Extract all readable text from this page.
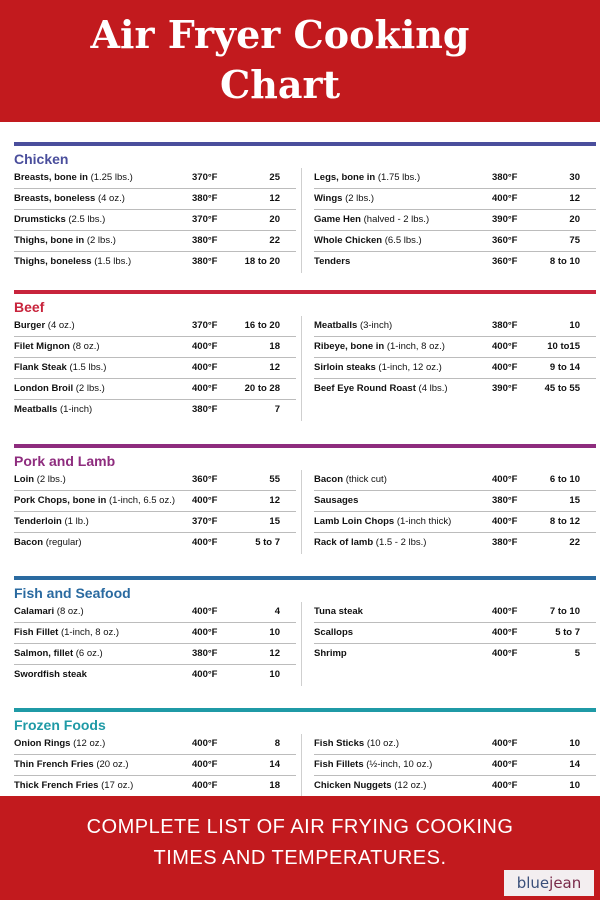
Air Fryer Cooking
Chart
Chicken
Breasts, bone in (1.25 lbs.)	370°F	25
Breasts, boneless (4 oz.)	380°F	12
Drumsticks (2.5 lbs.)	370°F	20
Thighs, bone in (2 lbs.)	380°F	22
Thighs, boneless (1.5 lbs.)	380°F	18 to 20
Legs, bone in (1.75 lbs.)	380°F	30
Wings (2 lbs.)	400°F	12
Game Hen (halved - 2 lbs.)	390°F	20
Whole Chicken (6.5 lbs.)	360°F	75
Tenders	360°F	8 to 10
Beef
Burger (4 oz.)	370°F	16 to 20
Filet Mignon (8 oz.)	400°F	18
Flank Steak (1.5 lbs.)	400°F	12
London Broil (2 lbs.)	400°F	20 to 28
Meatballs (1-inch)	380°F	7
Meatballs (3-inch)	380°F	10
Ribeye, bone in (1-inch, 8 oz.)	400°F	10 to15
Sirloin steaks (1-inch, 12 oz.)	400°F	9 to 14
Beef Eye Round Roast (4 lbs.)	390°F	45 to 55
Pork and Lamb
Loin (2 lbs.)	360°F	55
Pork Chops, bone in (1-inch, 6.5 oz.) 400°F	12
Tenderloin (1 lb.)	370°F	15
Bacon (regular)	400°F	5 to 7
Bacon (thick cut)	400°F	6 to 10
Sausages	380°F	15
Lamb Loin Chops (1-inch thick)	400°F	8 to 12
Rack of lamb (1.5 - 2 lbs.)	380°F	22
Fish and Seafood
Calamari (8 oz.)	400°F	4
Fish Fillet (1-inch, 8 oz.)	400°F	10
Salmon, fillet (6 oz.)	380°F	12
Swordfish steak	400°F	10
Tuna steak	400°F	7 to 10
Scallops	400°F	5 to 7
Shrimp	400°F	5
Frozen Foods
Onion Rings (12 oz.)	400°F	8
Thin French Fries (20 oz.)	400°F	14
Thick French Fries (17 oz.)	400°F	18
Fish Sticks (10 oz.)	400°F	10
Fish Fillets (½-inch, 10 oz.)	400°F	14
Chicken Nuggets (12 oz.)	400°F	10
COMPLETE LIST OF AIR FRYING COOKING
TIMES AND TEMPERATURES.
bluejean
